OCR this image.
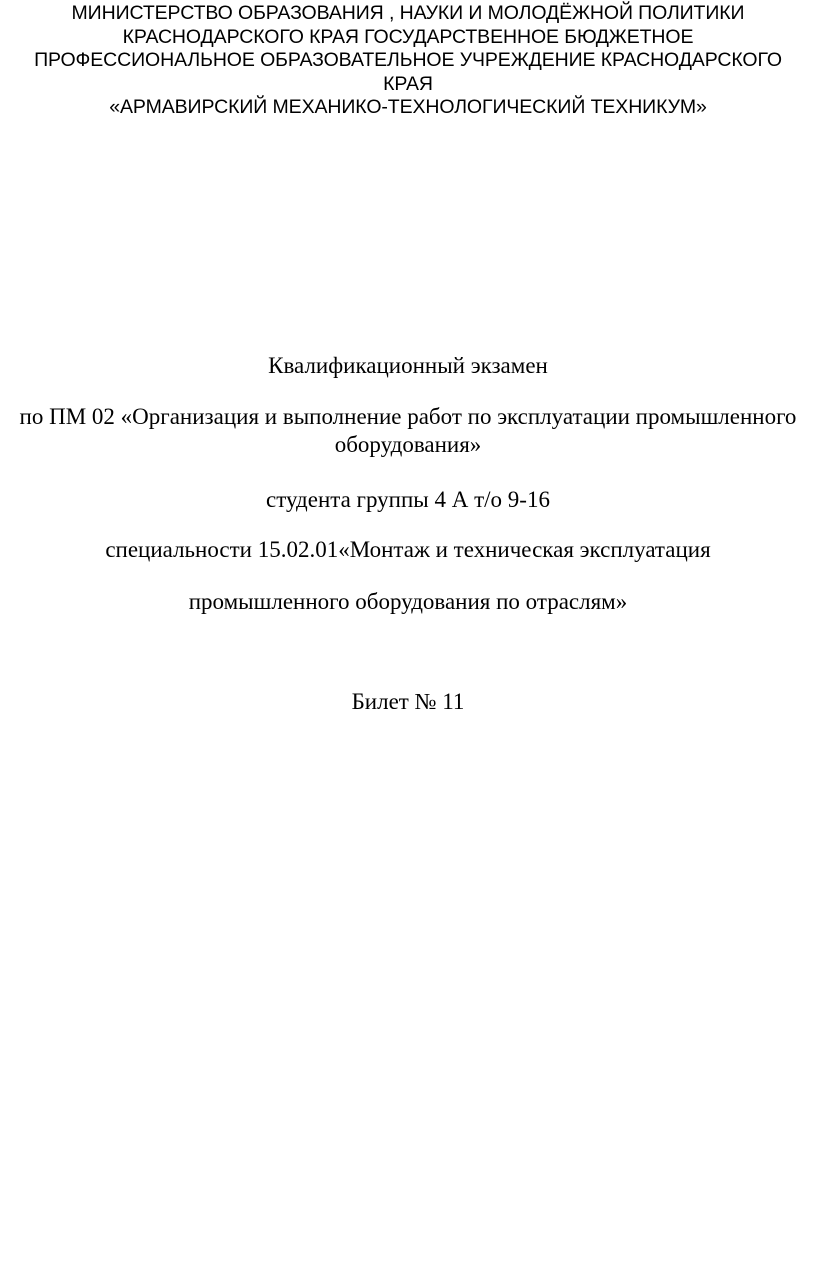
МИНИСТЕРСТВО ОБРАЗОВАНИЯ , НАУКИ И МОЛОДЁЖНОЙ ПОЛИТИКИ
КРАСНОДАРСКОГО КРАЯ ГОСУДАРСТВЕННОЕ БЮДЖЕТНОЕ
ПРОФЕССИОНАЛЬНОЕ ОБРАЗОВАТЕЛЬНОЕ УЧРЕЖДЕНИЕ КРАСНОДАРСКОГО
КРАЯ
«АРМАВИРСКИЙ МЕХАНИКО-ТЕХНОЛОГИЧЕСКИЙ ТЕХНИКУМ»
Квалификационный экзамен
по ПМ 02 «Организация и выполнение работ по эксплуатации промышленного
оборудования»
студента группы 4 А т/о 9-16
специальности 15.02.01«Монтаж и техническая эксплуатация
промышленного оборудования по отраслям»
Билет № 11
